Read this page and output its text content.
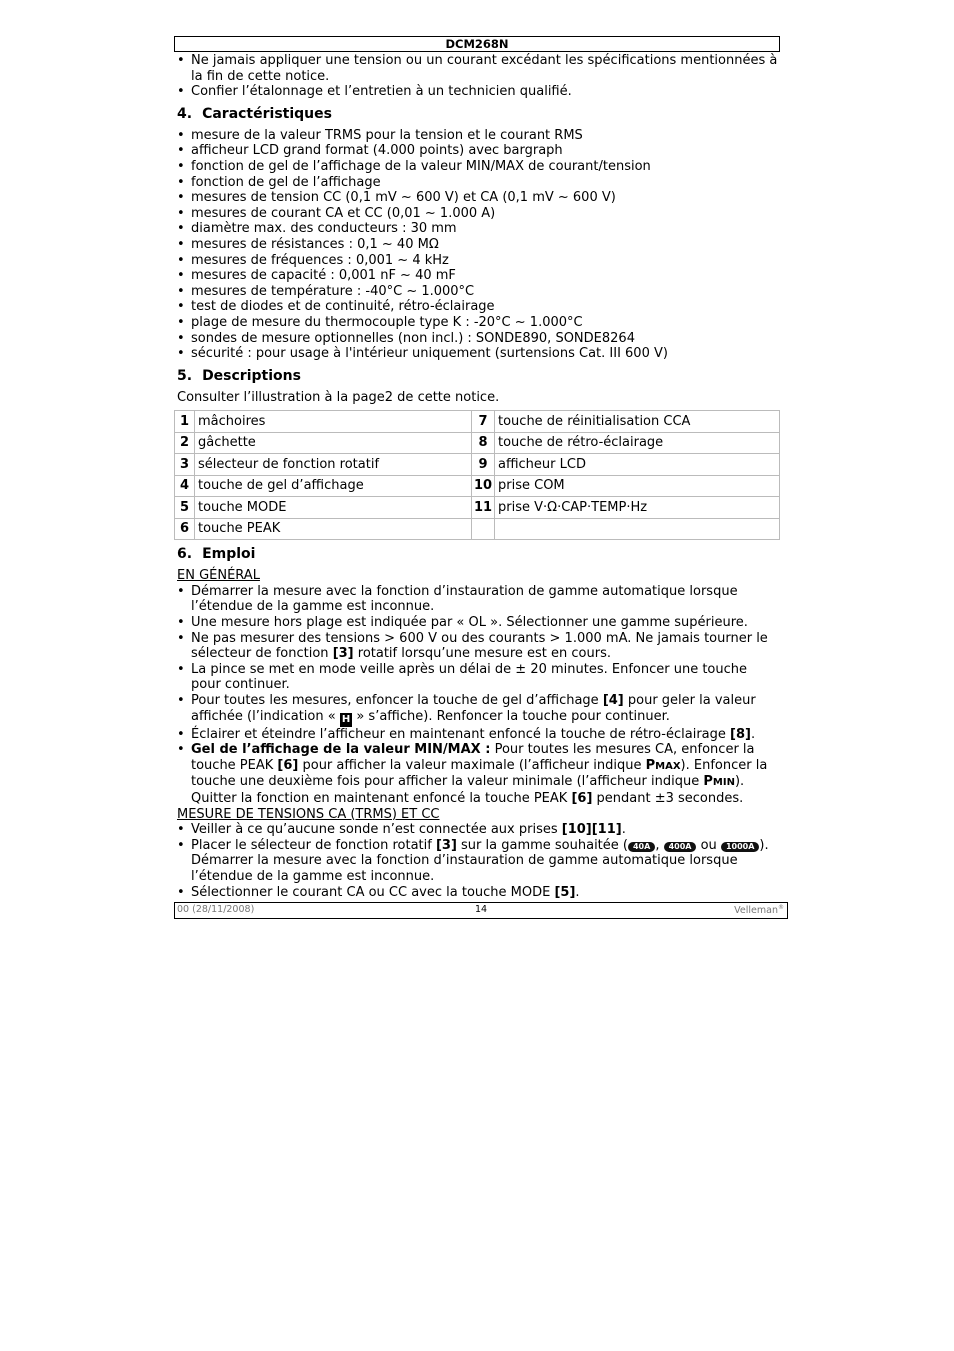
DCM268N
• Ne jamais appliquer une tension ou un courant excédant les spécifications mentionnées à la fin de cette notice.
• Confier l’étalonnage et l’entretien à un technicien qualifié.
4. Caractéristiques
• mesure de la valeur TRMS pour la tension et le courant RMS
• afficheur LCD grand format (4.000 points) avec bargraph
• fonction de gel de l’affichage de la valeur MIN/MAX de courant/tension
• fonction de gel de l’affichage
• mesures de tension CC (0,1 mV ~ 600 V) et CA (0,1 mV ~ 600 V)
• mesures de courant CA et CC (0,01 ~ 1.000 A)
• diamètre max. des conducteurs : 30 mm
• mesures de résistances : 0,1 ~ 40 MΩ
• mesures de fréquences : 0,001 ~ 4 kHz
• mesures de capacité : 0,001 nF ~ 40 mF
• mesures de température : -40°C ~ 1.000°C
• test de diodes et de continuité, rétro-éclairage
• plage de mesure du thermocouple type K : -20°C ~ 1.000°C
• sondes de mesure optionnelles (non incl.) : SONDE890, SONDE8264
• sécurité : pour usage à l'intérieur uniquement (surtensions Cat. III 600 V)
5. Descriptions
Consulter l’illustration à la page2 de cette notice.
1	mâchoires	7	touche de réinitialisation CCA
2	gâchette	8	touche de rétro-éclairage
3	sélecteur de fonction rotatif	9	afficheur LCD
4	touche de gel d’affichage	10	prise COM
5	touche MODE	11	prise V·Ω·CAP·TEMP·Hz
6	touche PEAK		
6. Emploi
EN GÉNÉRAL
• Démarrer la mesure avec la fonction d’instauration de gamme automatique lorsque l’étendue de la gamme est inconnue.
• Une mesure hors plage est indiquée par « OL ». Sélectionner une gamme supérieure.
• Ne pas mesurer des tensions > 600 V ou des courants > 1.000 mA. Ne jamais tourner le sélecteur de fonction [3] rotatif lorsqu’une mesure est en cours.
• La pince se met en mode veille après un délai de ± 20 minutes. Enfoncer une touche pour continuer.
• Pour toutes les mesures, enfoncer la touche de gel d’affichage [4] pour geler la valeur affichée (l’indication « H » s’affiche). Renfoncer la touche pour continuer.
• Éclairer et éteindre l’afficheur en maintenant enfoncé la touche de rétro-éclairage [8].
• Gel de l’affichage de la valeur MIN/MAX : Pour toutes les mesures CA, enfoncer la touche PEAK [6] pour afficher la valeur maximale (l’afficheur indique PMAX). Enfoncer la touche une deuxième fois pour afficher la valeur minimale (l’afficheur indique PMIN). Quitter la fonction en maintenant enfoncé la touche PEAK [6] pendant ±3 secondes.
MESURE DE TENSIONS CA (TRMS) ET CC
• Veiller à ce qu’aucune sonde n’est connectée aux prises [10][11].
• Placer le sélecteur de fonction rotatif [3] sur la gamme souhaitée ( 40A , 400A ou 1000A ). Démarrer la mesure avec la fonction d’instauration de gamme automatique lorsque l’étendue de la gamme est inconnue.
• Sélectionner le courant CA ou CC avec la touche MODE [5].
00 (28/11/2008)	14	Velleman®
